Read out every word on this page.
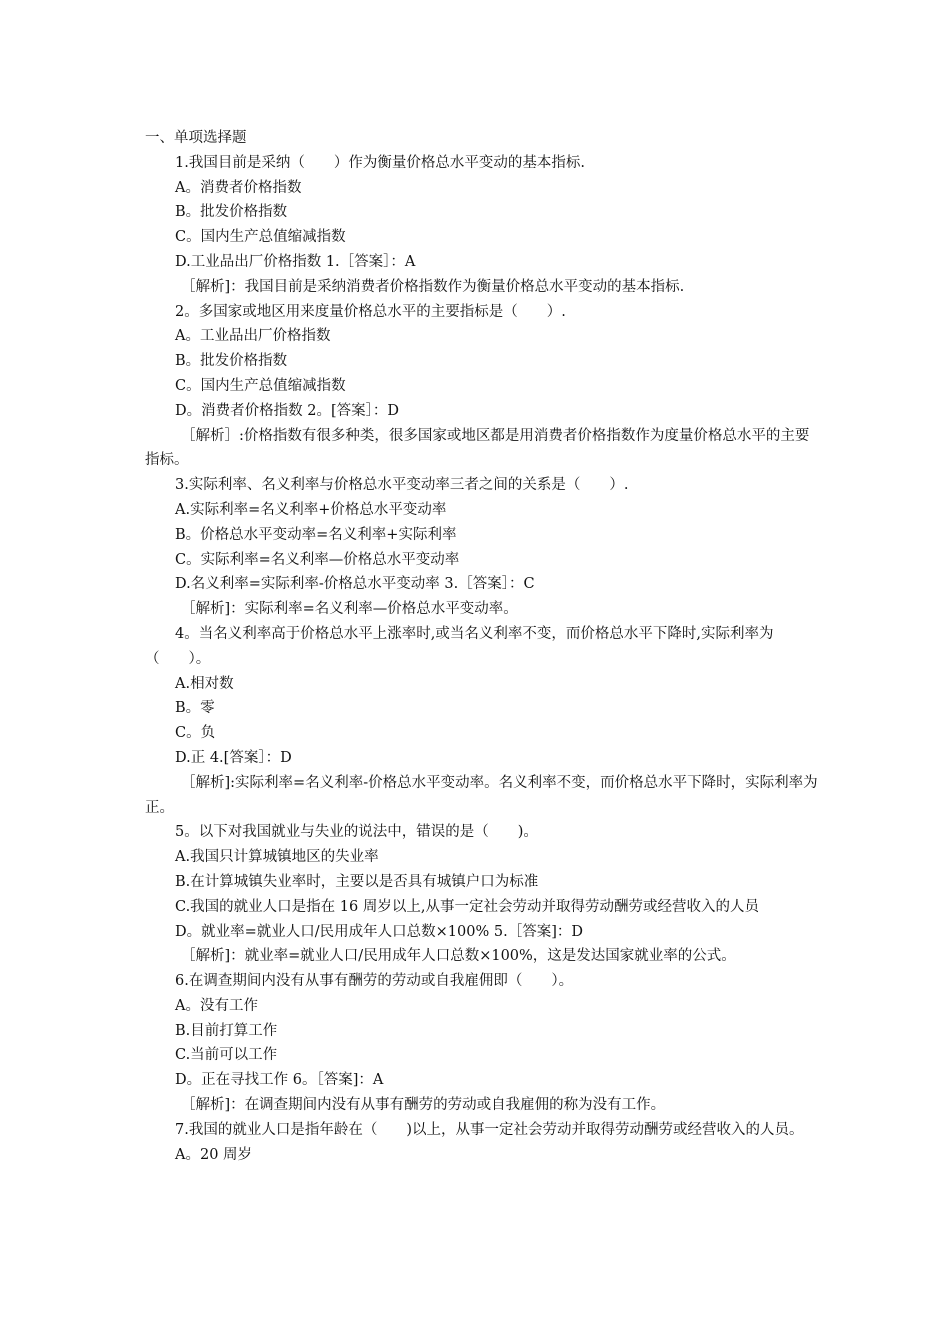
一、单项选择题
1.我国目前是采纳（　　）作为衡量价格总水平变动的基本指标.
A。消费者价格指数
B。批发价格指数
C。国内生产总值缩减指数
D.工业品出厂价格指数 1.［答案］：A
［解析]：我国目前是采纳消费者价格指数作为衡量价格总水平变动的基本指标.
2。多国家或地区用来度量价格总水平的主要指标是（　　）.
A。工业品出厂价格指数
B。批发价格指数
C。国内生产总值缩减指数
D。消费者价格指数 2。[答案］：D
［解析］:价格指数有很多种类，很多国家或地区都是用消费者价格指数作为度量价格总水平的主要指标。
3.实际利率、名义利率与价格总水平变动率三者之间的关系是（　　）.
A.实际利率=名义利率+价格总水平变动率
B。价格总水平变动率=名义利率+实际利率
C。实际利率=名义利率—价格总水平变动率
D.名义利率=实际利率-价格总水平变动率 3.［答案］：C
［解析]：实际利率=名义利率—价格总水平变动率。
4。当名义利率高于价格总水平上涨率时,或当名义利率不变，而价格总水平下降时,实际利率为（　　）。
A.相对数
B。零
C。负
D.正 4.[答案］：D
［解析]:实际利率=名义利率-价格总水平变动率。名义利率不变，而价格总水平下降时，实际利率为正。
5。以下对我国就业与失业的说法中，错误的是（　　)。
A.我国只计算城镇地区的失业率
B.在计算城镇失业率时，主要以是否具有城镇户口为标准
C.我国的就业人口是指在 16 周岁以上,从事一定社会劳动并取得劳动酬劳或经营收入的人员
D。就业率=就业人口/民用成年人口总数×100% 5.［答案]：D
［解析]：就业率=就业人口/民用成年人口总数×100%，这是发达国家就业率的公式。
6.在调查期间内没有从事有酬劳的劳动或自我雇佣即（　　）。
A。没有工作
B.目前打算工作
C.当前可以工作
D。正在寻找工作 6。［答案]：A
［解析]：在调查期间内没有从事有酬劳的劳动或自我雇佣的称为没有工作。
7.我国的就业人口是指年龄在（　　)以上，从事一定社会劳动并取得劳动酬劳或经营收入的人员。
A。20 周岁
